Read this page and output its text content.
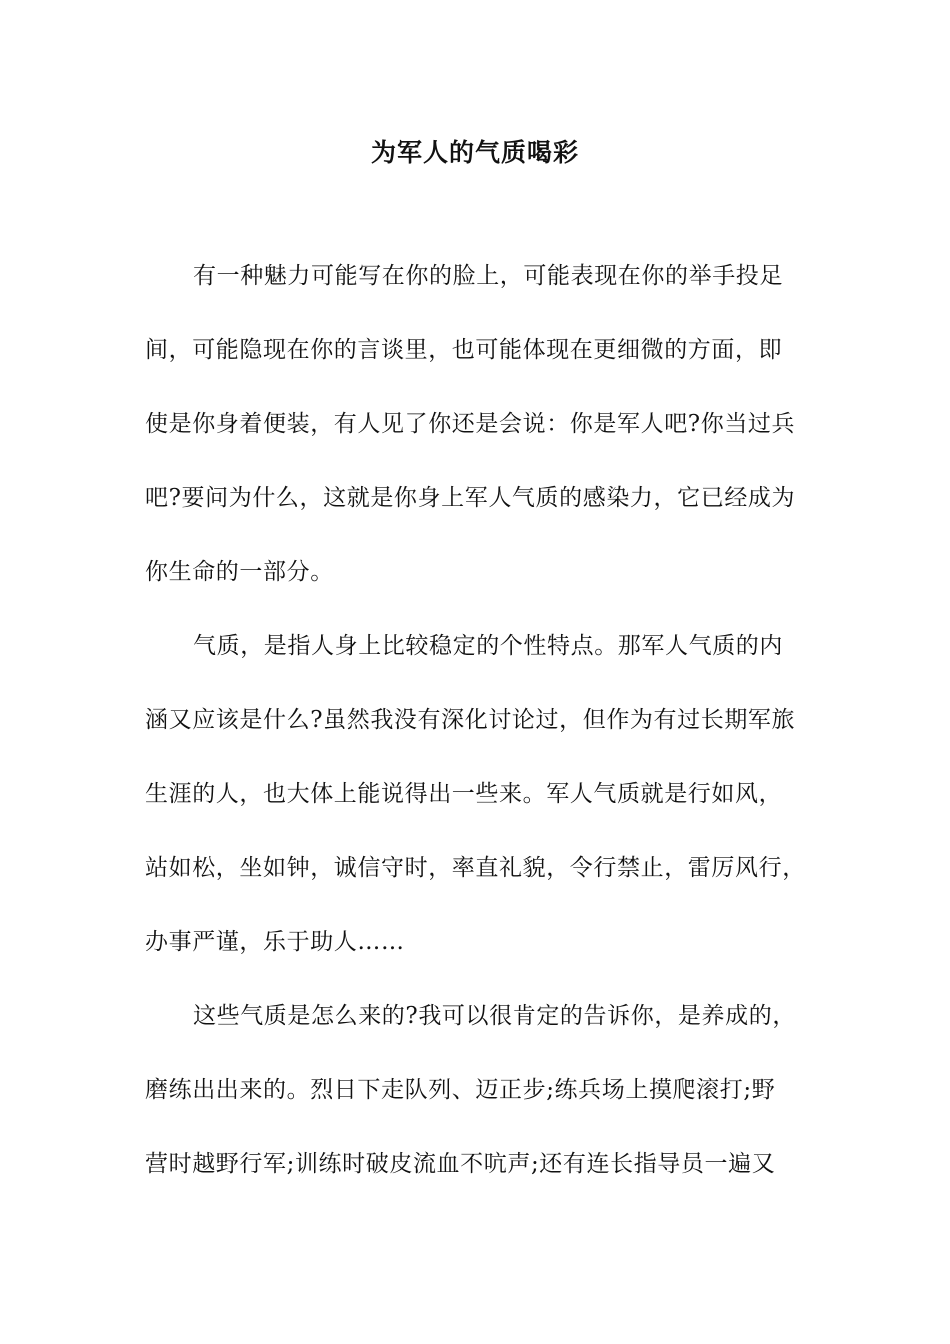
为军人的气质喝彩
有一种魅力可能写在你的脸上，可能表现在你的举手投足
间，可能隐现在你的言谈里，也可能体现在更细微的方面，即
使是你身着便装，有人见了你还是会说：你是军人吧?你当过兵
吧?要问为什么，这就是你身上军人气质的感染力，它已经成为
你生命的一部分。
气质，是指人身上比较稳定的个性特点。那军人气质的内
涵又应该是什么?虽然我没有深化讨论过，但作为有过长期军旅
生涯的人，也大体上能说得出一些来。军人气质就是行如风，
站如松，坐如钟，诚信守时，率直礼貌，令行禁止，雷厉风行，
办事严谨，乐于助人……
这些气质是怎么来的?我可以很肯定的告诉你，是养成的，
磨练出出来的。烈日下走队列、迈正步;练兵场上摸爬滚打;野
营时越野行军;训练时破皮流血不吭声;还有连长指导员一遍又
